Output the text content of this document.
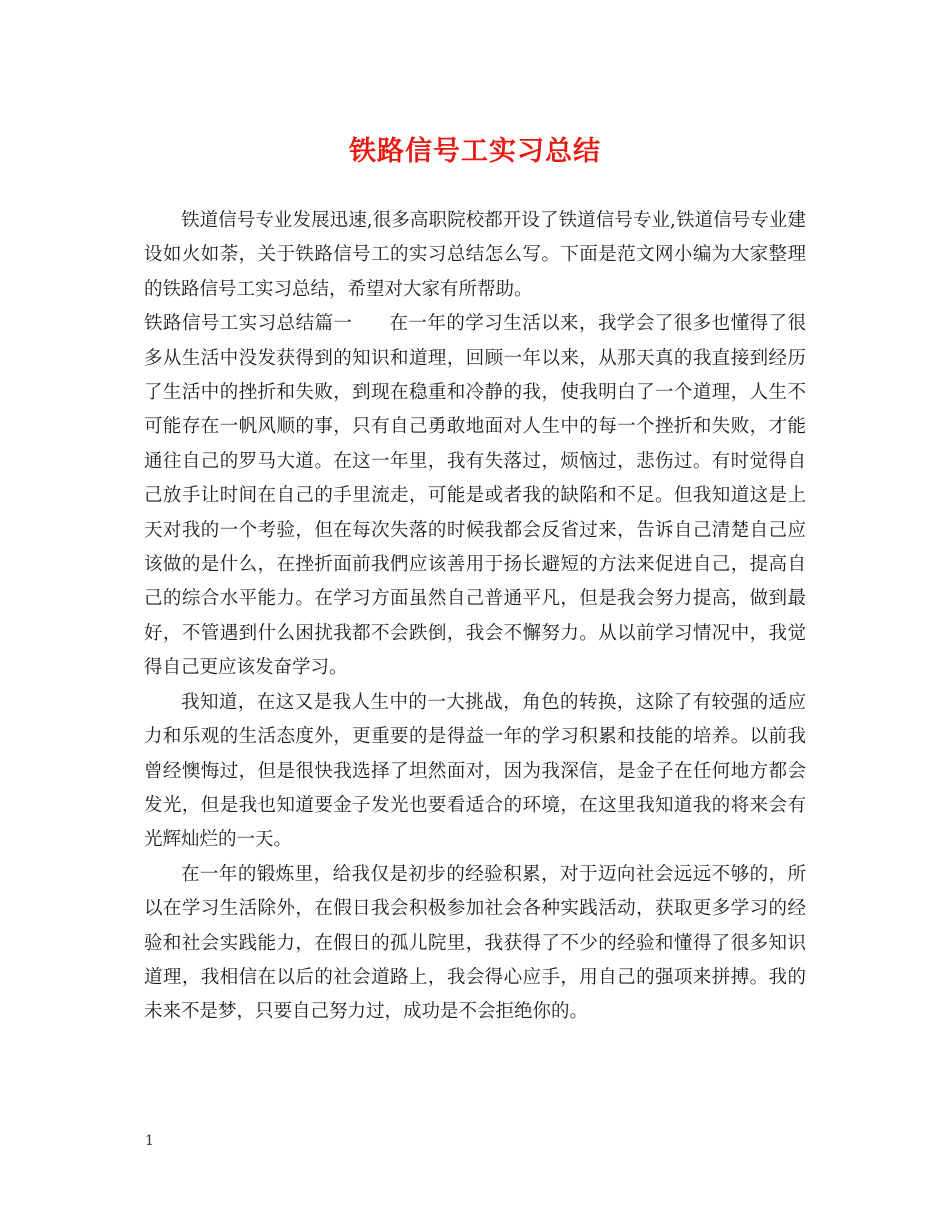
铁路信号工实习总结

铁道信号专业发展迅速,很多高职院校都开设了铁道信号专业,铁道信号专业建设如火如荼，关于铁路信号工的实习总结怎么写。下面是范文网小编为大家整理的铁路信号工实习总结，希望对大家有所帮助。

铁路信号工实习总结篇一 在一年的学习生活以来，我学会了很多也懂得了很多从生活中没发获得到的知识和道理，回顾一年以来，从那天真的我直接到经历了生活中的挫折和失败，到现在稳重和冷静的我，使我明白了一个道理，人生不可能存在一帆风顺的事，只有自己勇敢地面对人生中的每一个挫折和失败，才能通往自己的罗马大道。在这一年里，我有失落过，烦恼过，悲伤过。有时觉得自己放手让时间在自己的手里流走，可能是或者我的缺陷和不足。但我知道这是上天对我的一个考验，但在每次失落的时候我都会反省过来，告诉自己清楚自己应该做的是什么，在挫折面前我們应该善用于扬长避短的方法来促进自己，提高自己的综合水平能力。在学习方面虽然自己普通平凡，但是我会努力提高，做到最好，不管遇到什么困扰我都不会跌倒，我会不懈努力。从以前学习情况中，我觉得自己更应该发奋学习。

我知道，在这又是我人生中的一大挑战，角色的转换，这除了有较强的适应力和乐观的生活态度外，更重要的是得益一年的学习积累和技能的培养。以前我曾经懊悔过，但是很快我选择了坦然面对，因为我深信，是金子在任何地方都会发光，但是我也知道要金子发光也要看适合的环境，在这里我知道我的将来会有光辉灿烂的一天。

在一年的锻炼里，给我仅是初步的经验积累，对于迈向社会远远不够的，所以在学习生活除外，在假日我会积极参加社会各种实践活动，获取更多学习的经验和社会实践能力，在假日的孤儿院里，我获得了不少的经验和懂得了很多知识道理，我相信在以后的社会道路上，我会得心应手，用自己的强项来拼搏。我的未来不是梦，只要自己努力过，成功是不会拒绝你的。

1
